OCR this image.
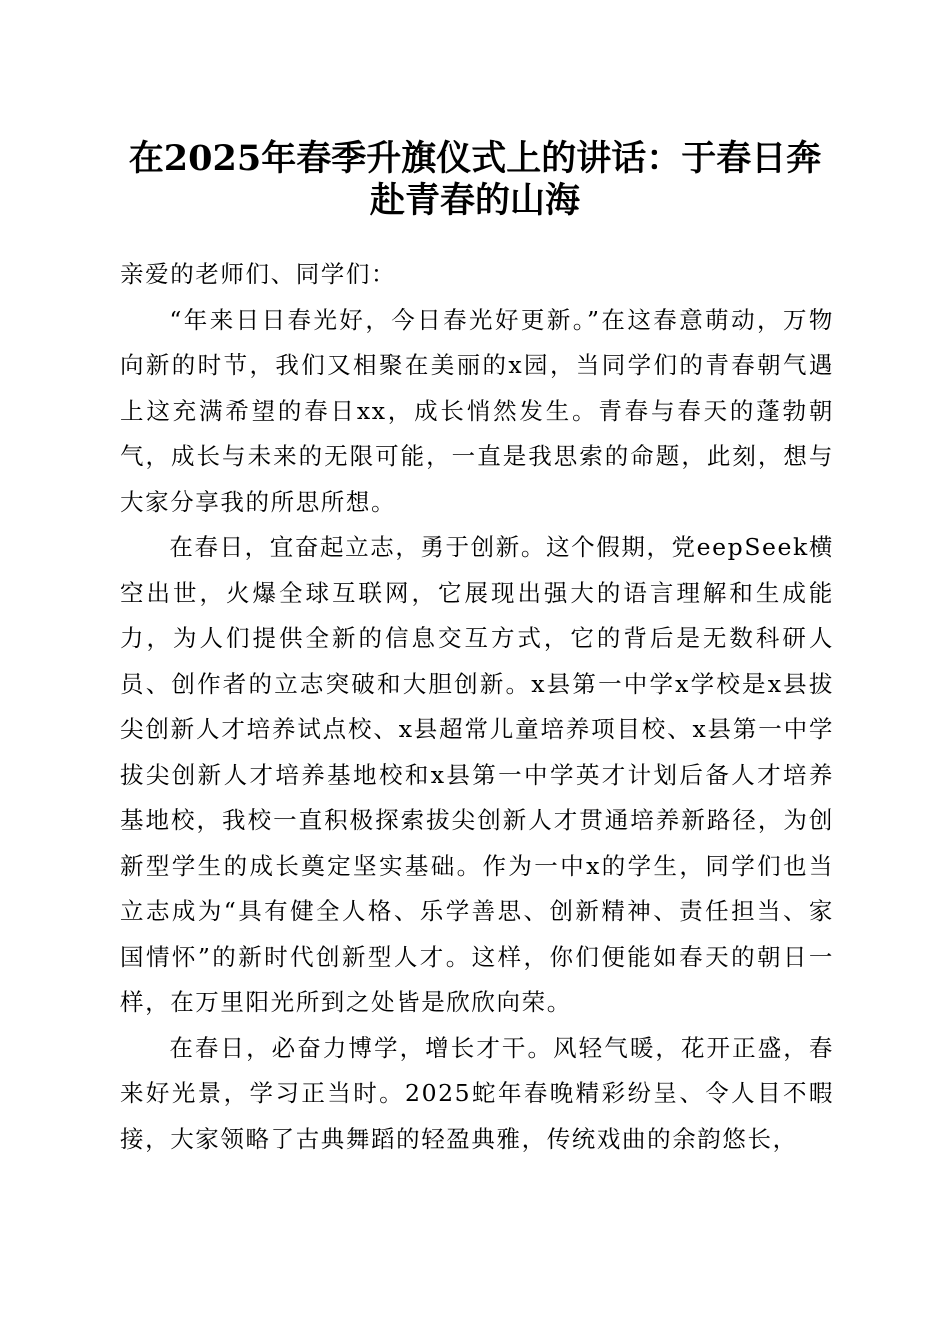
在2025年春季升旗仪式上的讲话：于春日奔
赴青春的山海

亲爱的老师们、同学们：

“年来日日春光好，今日春光好更新。”在这春意萌动，万物向新的时节，我们又相聚在美丽的x园，当同学们的青春朝气遇上这充满希望的春日xx，成长悄然发生。青春与春天的蓬勃朝气，成长与未来的无限可能，一直是我思索的命题，此刻，想与大家分享我的所思所想。

在春日，宜奋起立志，勇于创新。这个假期，党eepSeek横空出世，火爆全球互联网，它展现出强大的语言理解和生成能力，为人们提供全新的信息交互方式，它的背后是无数科研人员、创作者的立志突破和大胆创新。x县第一中学x学校是x县拔尖创新人才培养试点校、x县超常儿童培养项目校、x县第一中学拔尖创新人才培养基地校和x县第一中学英才计划后备人才培养基地校，我校一直积极探索拔尖创新人才贯通培养新路径，为创新型学生的成长奠定坚实基础。作为一中x的学生，同学们也当立志成为“具有健全人格、乐学善思、创新精神、责任担当、家国情怀”的新时代创新型人才。这样，你们便能如春天的朝日一样，在万里阳光所到之处皆是欣欣向荣。

在春日，必奋力博学，增长才干。风轻气暖，花开正盛，春来好光景，学习正当时。2025蛇年春晚精彩纷呈、令人目不暇接，大家领略了古典舞蹈的轻盈典雅，传统戏曲的余韵悠长，
